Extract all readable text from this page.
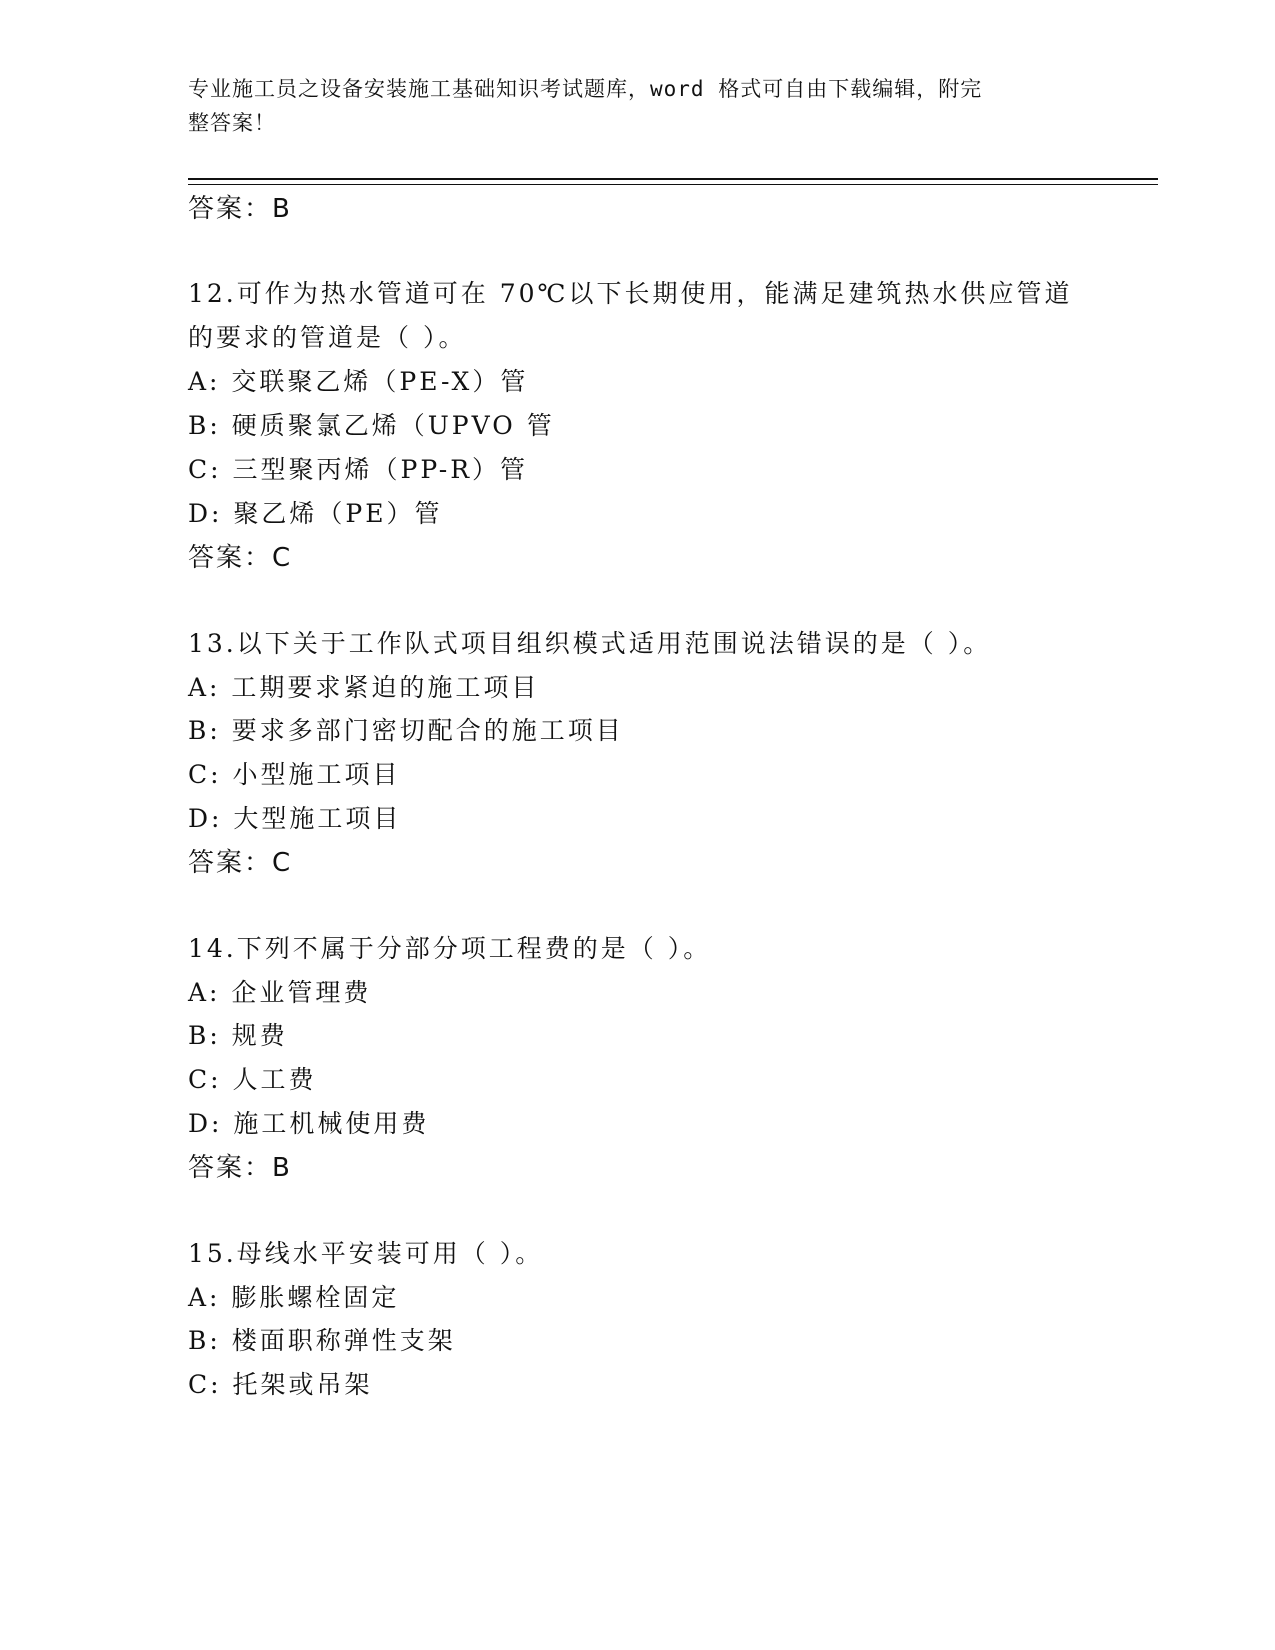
专业施工员之设备安装施工基础知识考试题库，word 格式可自由下载编辑，附完
整答案！
答案：B
12.可作为热水管道可在 70℃以下长期使用，能满足建筑热水供应管道
的要求的管道是（ ）。
A: 交联聚乙烯（PE-X）管
B: 硬质聚氯乙烯（UPVO 管
C: 三型聚丙烯（PP-R）管
D: 聚乙烯（PE）管
答案：C
13.以下关于工作队式项目组织模式适用范围说法错误的是（ ）。
A: 工期要求紧迫的施工项目
B: 要求多部门密切配合的施工项目
C: 小型施工项目
D: 大型施工项目
答案：C
14.下列不属于分部分项工程费的是（ ）。
A: 企业管理费
B: 规费
C: 人工费
D: 施工机械使用费
答案：B
15.母线水平安装可用（ ）。
A: 膨胀螺栓固定
B: 楼面职称弹性支架
C: 托架或吊架
